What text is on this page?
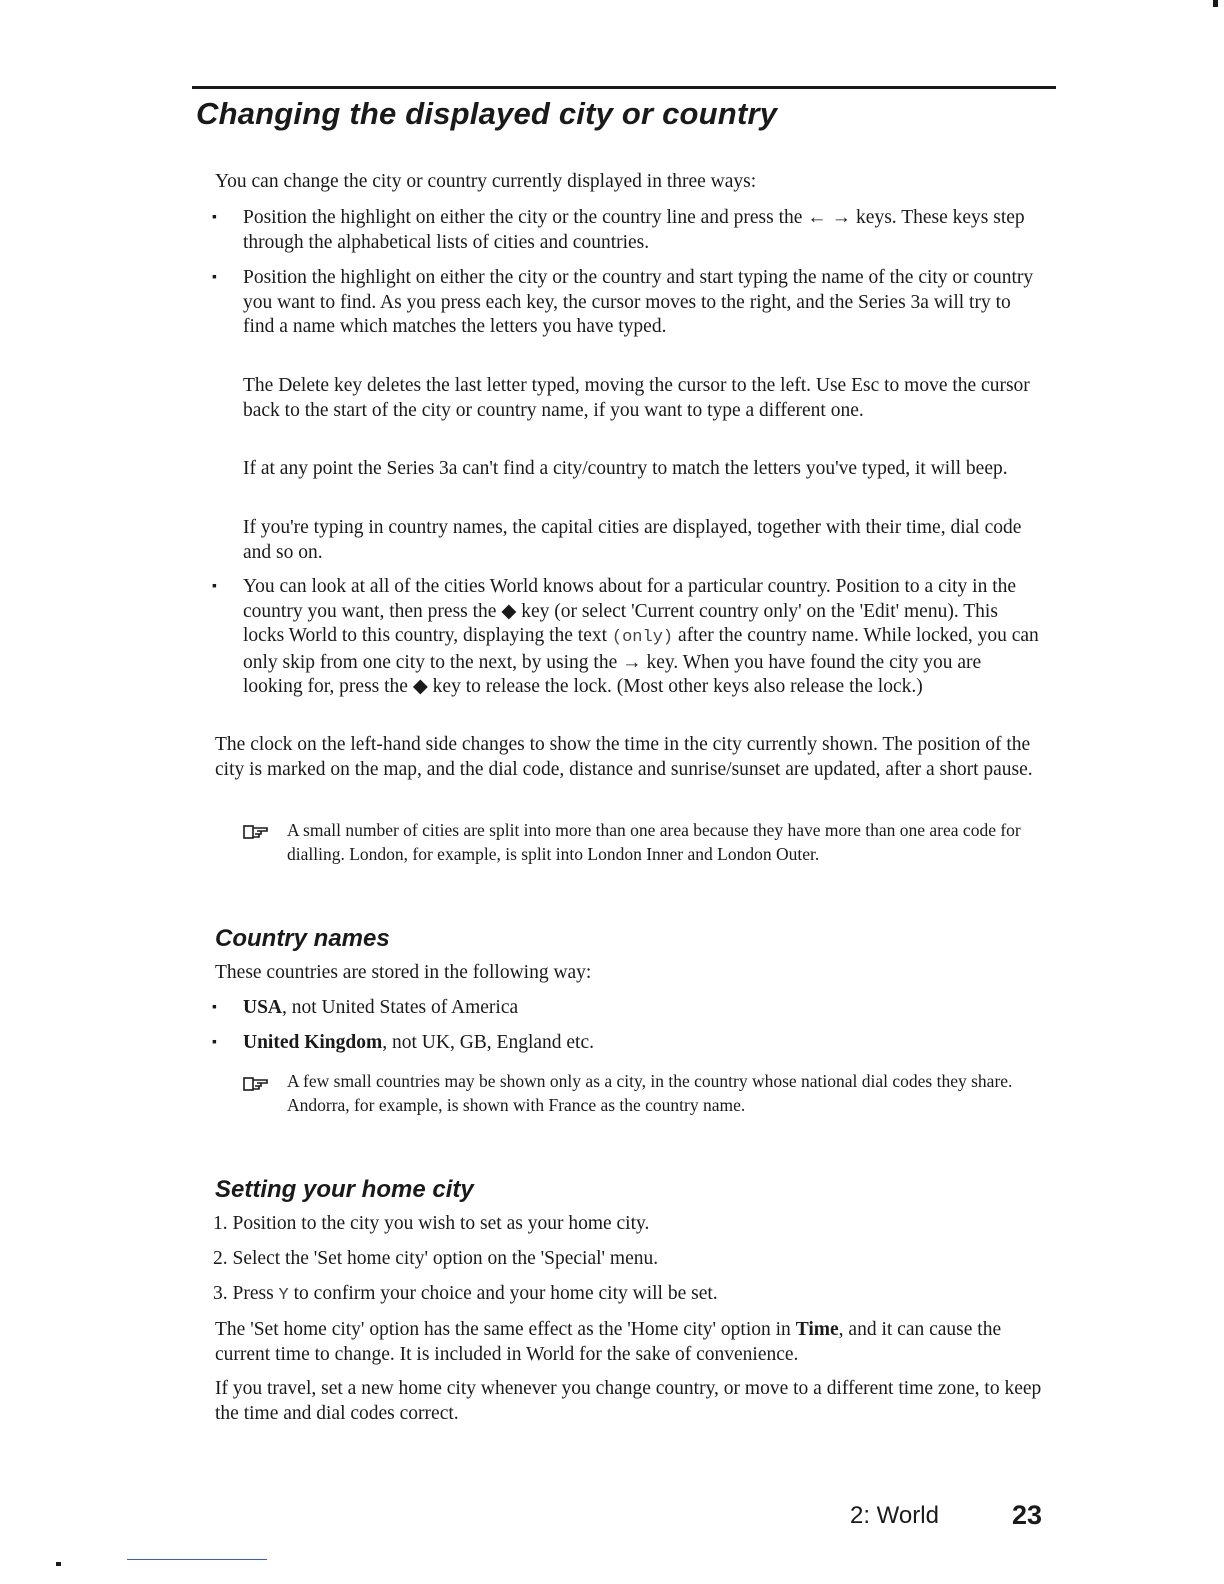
Changing the displayed city or country

You can change the city or country currently displayed in three ways:

▪ Position the highlight on either the city or the country line and press the ← → keys. These keys step through the alphabetical lists of cities and countries.

▪ Position the highlight on either the city or the country and start typing the name of the city or country you want to find. As you press each key, the cursor moves to the right, and the Series 3a will try to find a name which matches the letters you have typed.

The Delete key deletes the last letter typed, moving the cursor to the left. Use Esc to move the cursor back to the start of the city or country name, if you want to type a different one.

If at any point the Series 3a can't find a city/country to match the letters you've typed, it will beep.

If you're typing in country names, the capital cities are displayed, together with their time, dial code and so on.

▪ You can look at all of the cities World knows about for a particular country. Position to a city in the country you want, then press the ◆ key (or select 'Current country only' on the 'Edit' menu). This locks World to this country, displaying the text (only) after the country name. While locked, you can only skip from one city to the next, by using the → key. When you have found the city you are looking for, press the ◆ key to release the lock. (Most other keys also release the lock.)

The clock on the left-hand side changes to show the time in the city currently shown. The position of the city is marked on the map, and the dial code, distance and sunrise/sunset are updated, after a short pause.

A small number of cities are split into more than one area because they have more than one area code for dialling. London, for example, is split into London Inner and London Outer.

Country names

These countries are stored in the following way:

▪ USA, not United States of America

▪ United Kingdom, not UK, GB, England etc.

A few small countries may be shown only as a city, in the country whose national dial codes they share. Andorra, for example, is shown with France as the country name.

Setting your home city

1. Position to the city you wish to set as your home city.

2. Select the 'Set home city' option on the 'Special' menu.

3. Press Y to confirm your choice and your home city will be set.

The 'Set home city' option has the same effect as the 'Home city' option in Time, and it can cause the current time to change. It is included in World for the sake of convenience.

If you travel, set a new home city whenever you change country, or move to a different time zone, to keep the time and dial codes correct.

2: World	23
